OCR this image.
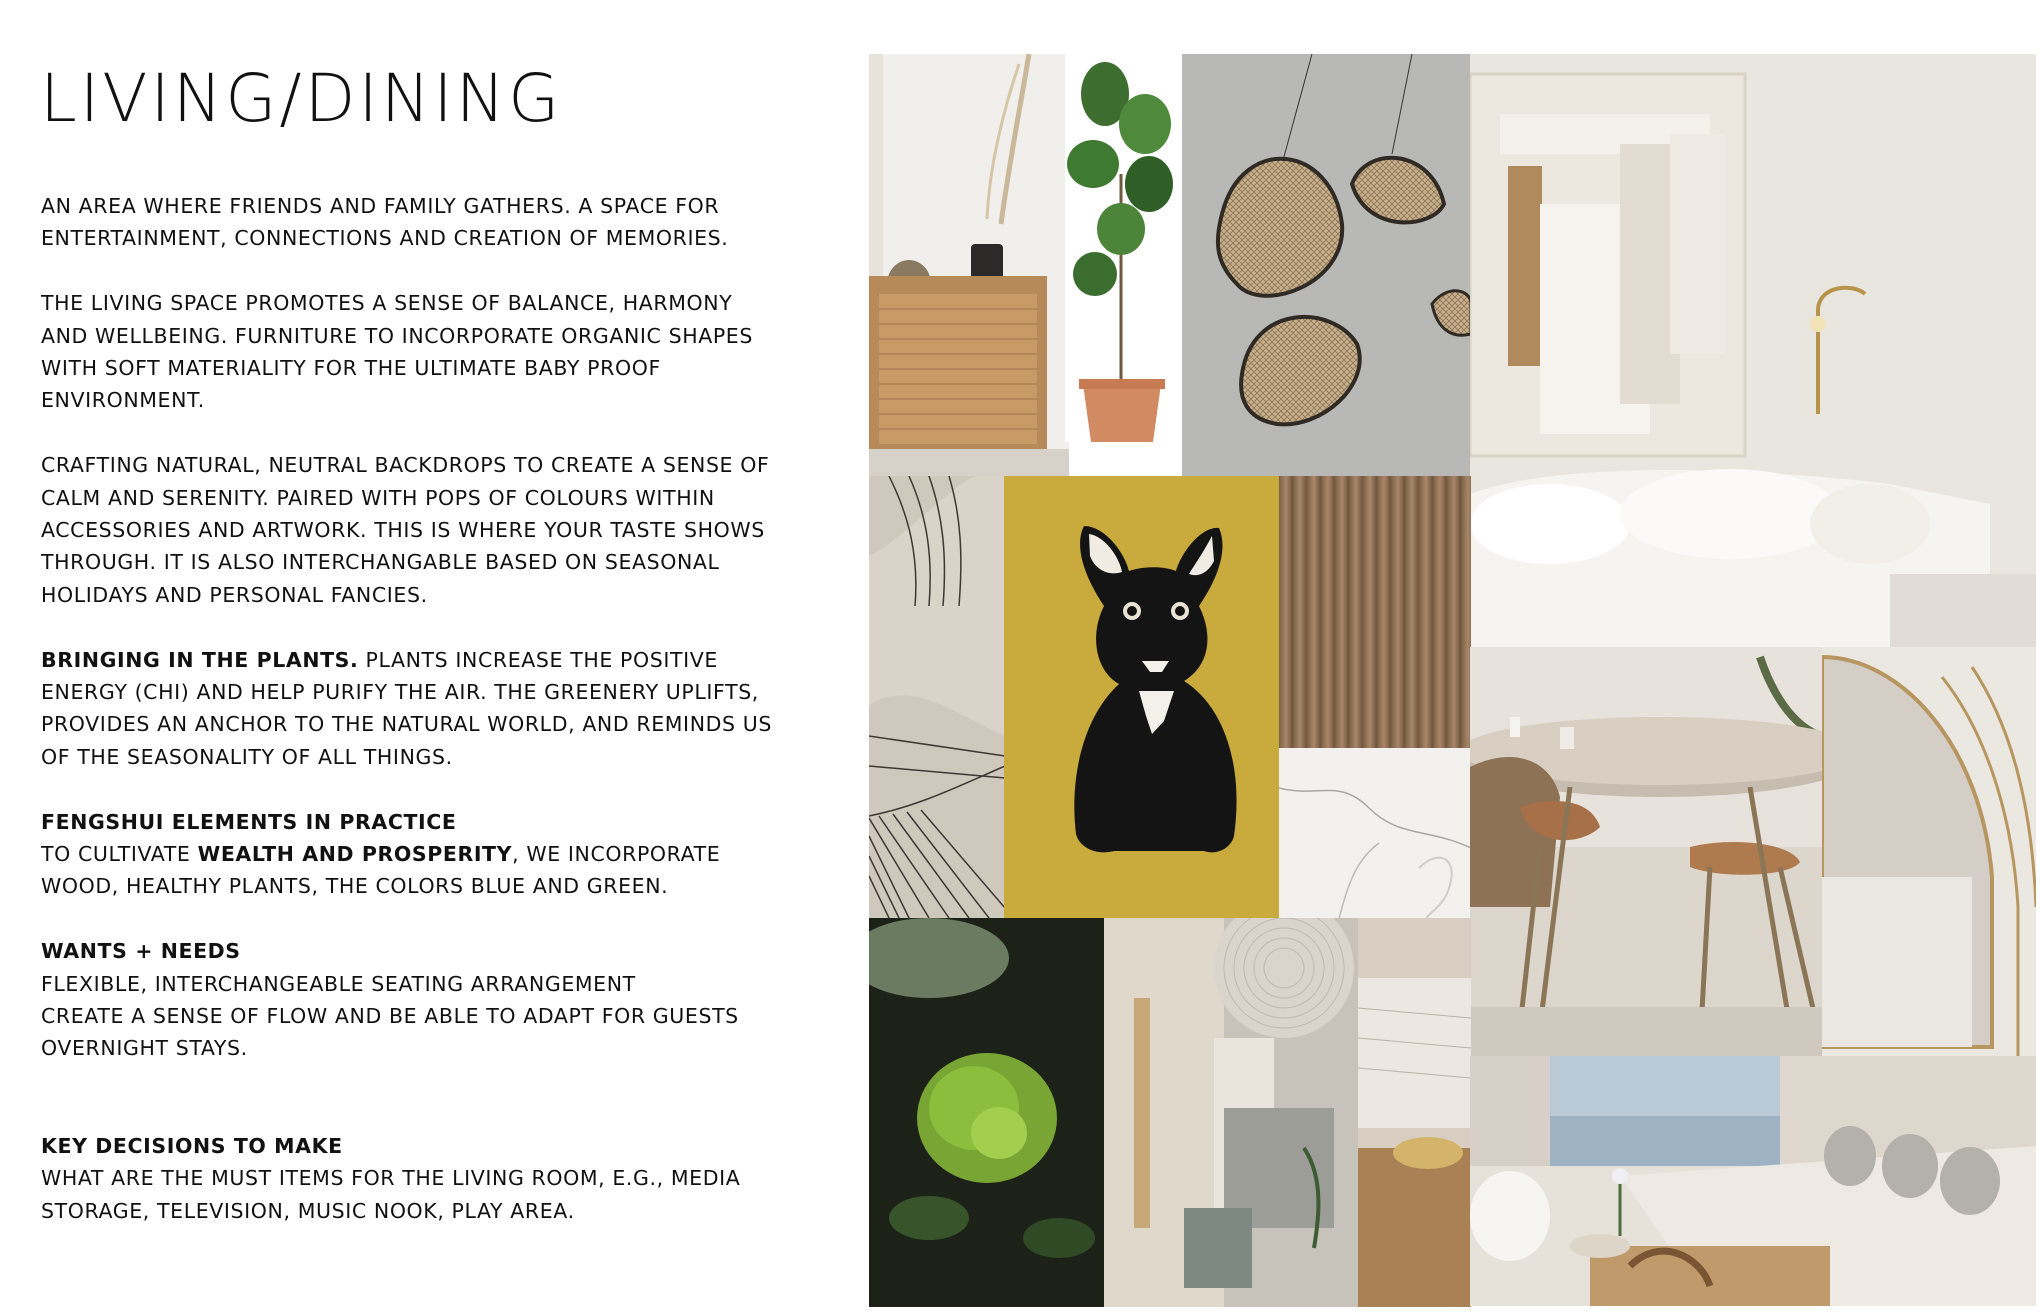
LIVING/DINING

AN AREA WHERE FRIENDS AND FAMILY GATHERS. A SPACE FOR ENTERTAINMENT, CONNECTIONS AND CREATION OF MEMORIES.

THE LIVING SPACE PROMOTES A SENSE OF BALANCE, HARMONY AND WELLBEING. FURNITURE TO INCORPORATE ORGANIC SHAPES WITH SOFT MATERIALITY FOR THE ULTIMATE BABY PROOF ENVIRONMENT.

CRAFTING NATURAL, NEUTRAL BACKDROPS TO CREATE A SENSE OF CALM AND SERENITY. PAIRED WITH POPS OF COLOURS WITHIN ACCESSORIES AND ARTWORK. THIS IS WHERE YOUR TASTE SHOWS THROUGH. IT IS ALSO INTERCHANGABLE BASED ON SEASONAL HOLIDAYS AND PERSONAL FANCIES.

BRINGING IN THE PLANTS. PLANTS INCREASE THE POSITIVE ENERGY (CHI) AND HELP PURIFY THE AIR. THE GREENERY UPLIFTS, PROVIDES AN ANCHOR TO THE NATURAL WORLD, AND REMINDS US OF THE SEASONALITY OF ALL THINGS.

FENGSHUI ELEMENTS IN PRACTICE
TO CULTIVATE WEALTH AND PROSPERITY, WE INCORPORATE WOOD, HEALTHY PLANTS, THE COLORS BLUE AND GREEN.

WANTS + NEEDS
FLEXIBLE, INTERCHANGEABLE SEATING ARRANGEMENT
CREATE A SENSE OF FLOW AND BE ABLE TO ADAPT FOR GUESTS OVERNIGHT STAYS.

KEY DECISIONS TO MAKE
WHAT ARE THE MUST ITEMS FOR THE LIVING ROOM, E.G., MEDIA STORAGE, TELEVISION, MUSIC NOOK, PLAY AREA.
